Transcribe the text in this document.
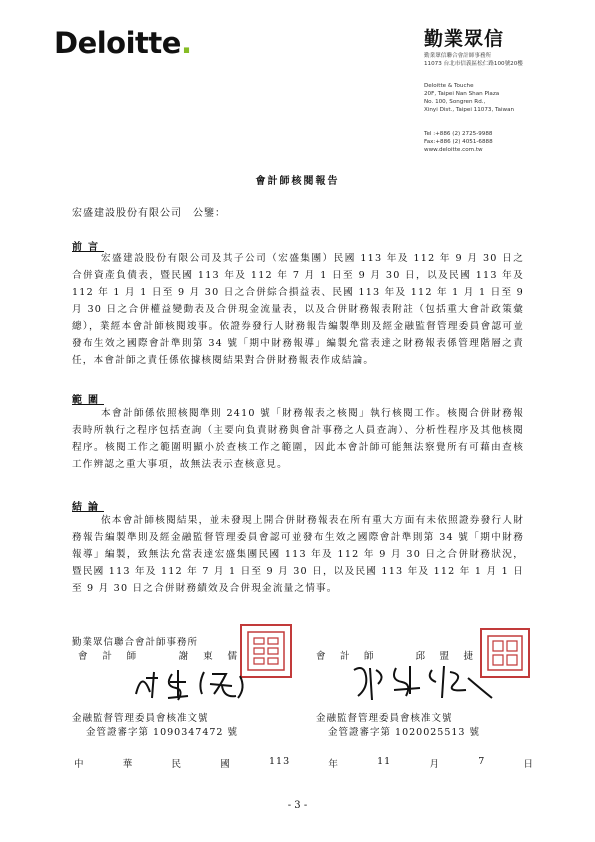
Deloitte.	勤業眾信
勤業眾信聯合會計師事務所
11073 台北市信義區松仁路100號20樓
Deloitte & Touche
20F, Taipei Nan Shan Plaza
No. 100, Songren Rd.,
Xinyi Dist., Taipei 11073, Taiwan
Tel :+886 (2) 2725-9988
Fax:+886 (2) 4051-6888
www.deloitte.com.tw
會計師核閱報告
宏盛建設股份有限公司　公鑒：
前言
宏盛建設股份有限公司及其子公司（宏盛集團）民國 113 年及 112 年 9 月 30 日之合併資產負債表，暨民國 113 年及 112 年 7 月 1 日至 9 月 30 日，以及民國 113 年及 112 年 1 月 1 日至 9 月 30 日之合併綜合損益表、民國 113 年及 112 年 1 月 1 日至 9 月 30 日之合併權益變動表及合併現金流量表，以及合併財務報表附註（包括重大會計政策彙總），業經本會計師核閱竣事。依證券發行人財務報告編製準則及經金融監督管理委員會認可並發布生效之國際會計準則第 34 號「期中財務報導」編製允當表達之財務報表係管理階層之責任，本會計師之責任係依據核閱結果對合併財務報表作成結論。
範圍
本會計師係依照核閱準則 2410 號「財務報表之核閱」執行核閱工作。核閱合併財務報表時所執行之程序包括查詢（主要向負責財務與會計事務之人員查詢）、分析性程序及其他核閱程序。核閱工作之範圍明顯小於查核工作之範圍，因此本會計師可能無法察覺所有可藉由查核工作辨認之重大事項，故無法表示查核意見。
結論
依本會計師核閱結果，並未發現上開合併財務報表在所有重大方面有未依照證券發行人財務報告編製準則及經金融監督管理委員會認可並發布生效之國際會計準則第 34 號「期中財務報導」編製，致無法允當表達宏盛集團民國 113 年及 112 年 9 月 30 日之合併財務狀況，暨民國 113 年及 112 年 7 月 1 日至 9 月 30 日，以及民國 113 年及 112 年 1 月 1 日至 9 月 30 日之合併財務績效及合併現金流量之情事。
勤業眾信聯合會計師事務所
會 計 師	謝 東 儒	會 計 師	邱 盟 捷
金融監督管理委員會核准文號
金管證審字第 1090347472 號
金融監督管理委員會核准文號
金管證審字第 1020025513 號
中	華	民	國	113	年	11	月	7	日
- 3 -
